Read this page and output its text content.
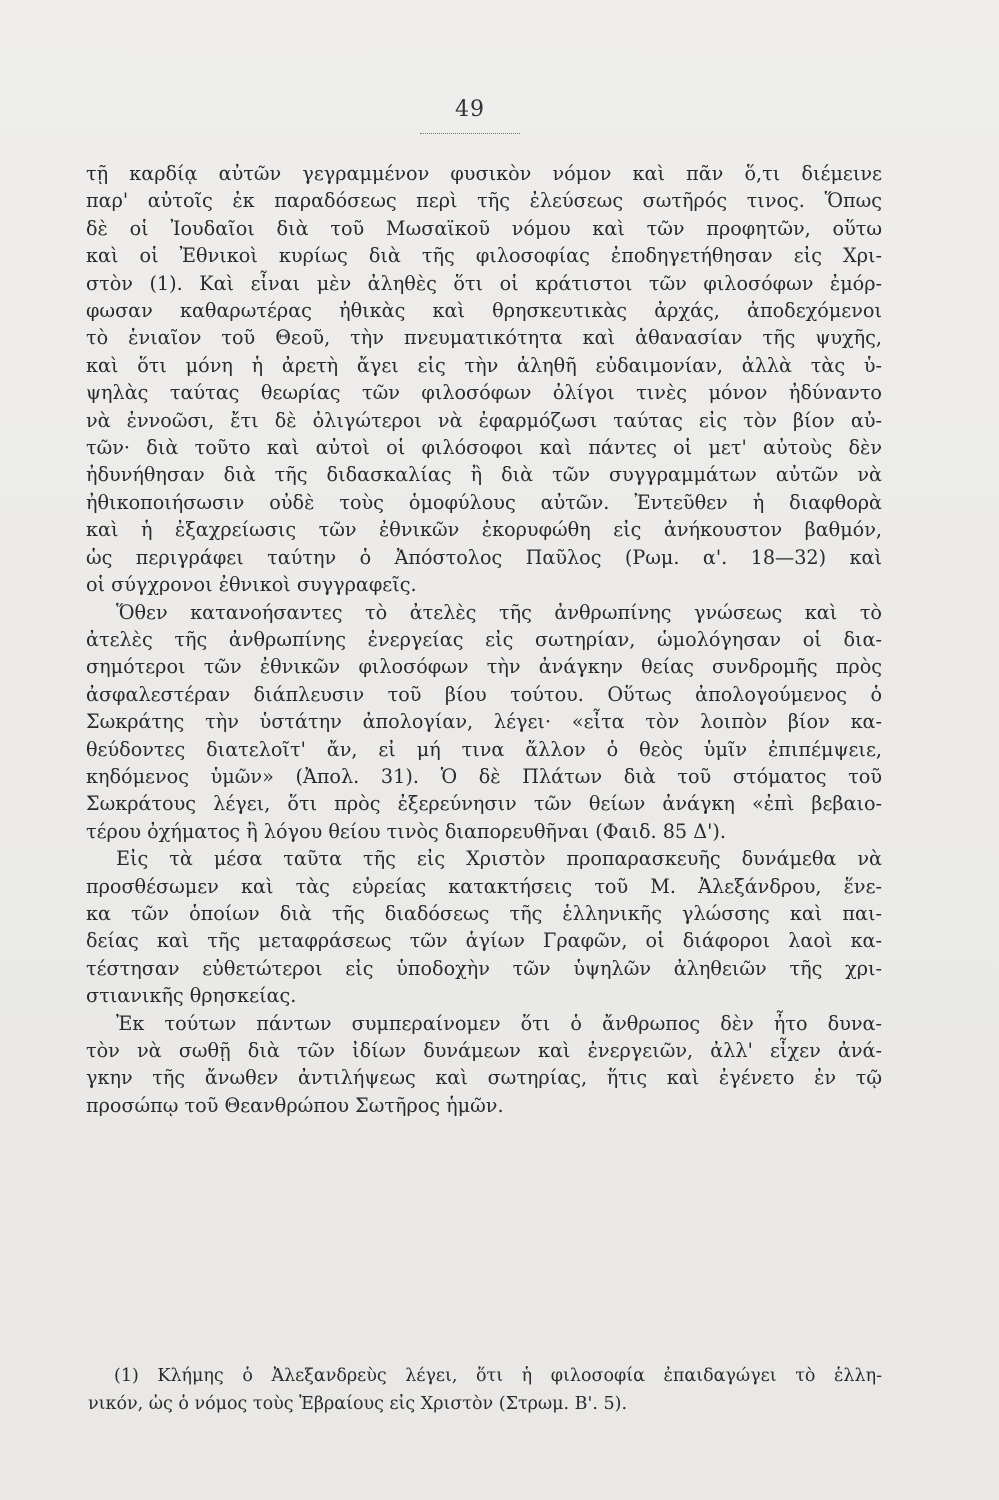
49

τῇ καρδίᾳ αὐτῶν γεγραμμένον φυσικὸν νόμον καὶ πᾶν ὅ,τι διέμεινε
παρ' αὐτοῖς ἐκ παραδόσεως περὶ τῆς ἐλεύσεως σωτῆρός τινος. Ὅπως
δὲ οἱ Ἰουδαῖοι διὰ τοῦ Μωσαϊκοῦ νόμου καὶ τῶν προφητῶν, οὕτω
καὶ οἱ Ἐθνικοὶ κυρίως διὰ τῆς φιλοσοφίας ἐποδηγετήθησαν εἰς Χρι-
στὸν (1). Καὶ εἶναι μὲν ἀληθὲς ὅτι οἱ κράτιστοι τῶν φιλοσόφων ἐμόρ-
φωσαν καθαρωτέρας ἠθικὰς καὶ θρησκευτικὰς ἀρχάς, ἀποδεχόμενοι
τὸ ἑνιαῖον τοῦ Θεοῦ, τὴν πνευματικότητα καὶ ἀθανασίαν τῆς ψυχῆς,
καὶ ὅτι μόνη ἡ ἀρετὴ ἄγει εἰς τὴν ἀληθῆ εὐδαιμονίαν, ἀλλὰ τὰς ὑ-
ψηλὰς ταύτας θεωρίας τῶν φιλοσόφων ὀλίγοι τινὲς μόνον ἠδύναντο
νὰ ἐννοῶσι, ἔτι δὲ ὀλιγώτεροι νὰ ἐφαρμόζωσι ταύτας εἰς τὸν βίον αὐ-
τῶν· διὰ τοῦτο καὶ αὐτοὶ οἱ φιλόσοφοι καὶ πάντες οἱ μετ' αὐτοὺς δὲν
ἠδυνήθησαν διὰ τῆς διδασκαλίας ἢ διὰ τῶν συγγραμμάτων αὐτῶν νὰ
ἠθικοποιήσωσιν οὐδὲ τοὺς ὁμοφύλους αὐτῶν. Ἐντεῦθεν ἡ διαφθορὰ
καὶ ἡ ἐξαχρείωσις τῶν ἐθνικῶν ἐκορυφώθη εἰς ἀνήκουστον βαθμόν,
ὡς περιγράφει ταύτην ὁ Ἀπόστολος Παῦλος (Ρωμ. α'. 18—32) καὶ
οἱ σύγχρονοι ἐθνικοὶ συγγραφεῖς.

Ὅθεν κατανοήσαντες τὸ ἀτελὲς τῆς ἀνθρωπίνης γνώσεως καὶ τὸ
ἀτελὲς τῆς ἀνθρωπίνης ἐνεργείας εἰς σωτηρίαν, ὡμολόγησαν οἱ δια-
σημότεροι τῶν ἐθνικῶν φιλοσόφων τὴν ἀνάγκην θείας συνδρομῆς πρὸς
ἀσφαλεστέραν διάπλευσιν τοῦ βίου τούτου. Οὕτως ἀπολογούμενος ὁ
Σωκράτης τὴν ὑστάτην ἀπολογίαν, λέγει· «εἶτα τὸν λοιπὸν βίον κα-
θεύδοντες διατελοῖτ' ἄν, εἰ μή τινα ἄλλον ὁ θεὸς ὑμῖν ἐπιπέμψειε,
κηδόμενος ὑμῶν» (Ἀπολ. 31). Ὁ δὲ Πλάτων διὰ τοῦ στόματος τοῦ
Σωκράτους λέγει, ὅτι πρὸς ἐξερεύνησιν τῶν θείων ἀνάγκη «ἐπὶ βεβαιο-
τέρου ὀχήματος ἢ λόγου θείου τινὸς διαπορευθῆναι (Φαιδ. 85 Δ').

Εἰς τὰ μέσα ταῦτα τῆς εἰς Χριστὸν προπαρασκευῆς δυνάμεθα νὰ
προσθέσωμεν καὶ τὰς εὐρείας κατακτήσεις τοῦ Μ. Ἀλεξάνδρου, ἕνε-
κα τῶν ὁποίων διὰ τῆς διαδόσεως τῆς ἑλληνικῆς γλώσσης καὶ παι-
δείας καὶ τῆς μεταφράσεως τῶν ἁγίων Γραφῶν, οἱ διάφοροι λαοὶ κα-
τέστησαν εὐθετώτεροι εἰς ὑποδοχὴν τῶν ὑψηλῶν ἀληθειῶν τῆς χρι-
στιανικῆς θρησκείας.

Ἐκ τούτων πάντων συμπεραίνομεν ὅτι ὁ ἄνθρωπος δὲν ἦτο δυνα-
τὸν νὰ σωθῇ διὰ τῶν ἰδίων δυνάμεων καὶ ἐνεργειῶν, ἀλλ' εἶχεν ἀνά-
γκην τῆς ἄνωθεν ἀντιλήψεως καὶ σωτηρίας, ἥτις καὶ ἐγένετο ἐν τῷ
προσώπῳ τοῦ Θεανθρώπου Σωτῆρος ἡμῶν.

(1) Κλήμης ὁ Ἀλεξανδρεὺς λέγει, ὅτι ἡ φιλοσοφία ἐπαιδαγώγει τὸ ἑλλη-
νικόν, ὡς ὁ νόμος τοὺς Ἑβραίους εἰς Χριστὸν (Στρωμ. Β'. 5).
